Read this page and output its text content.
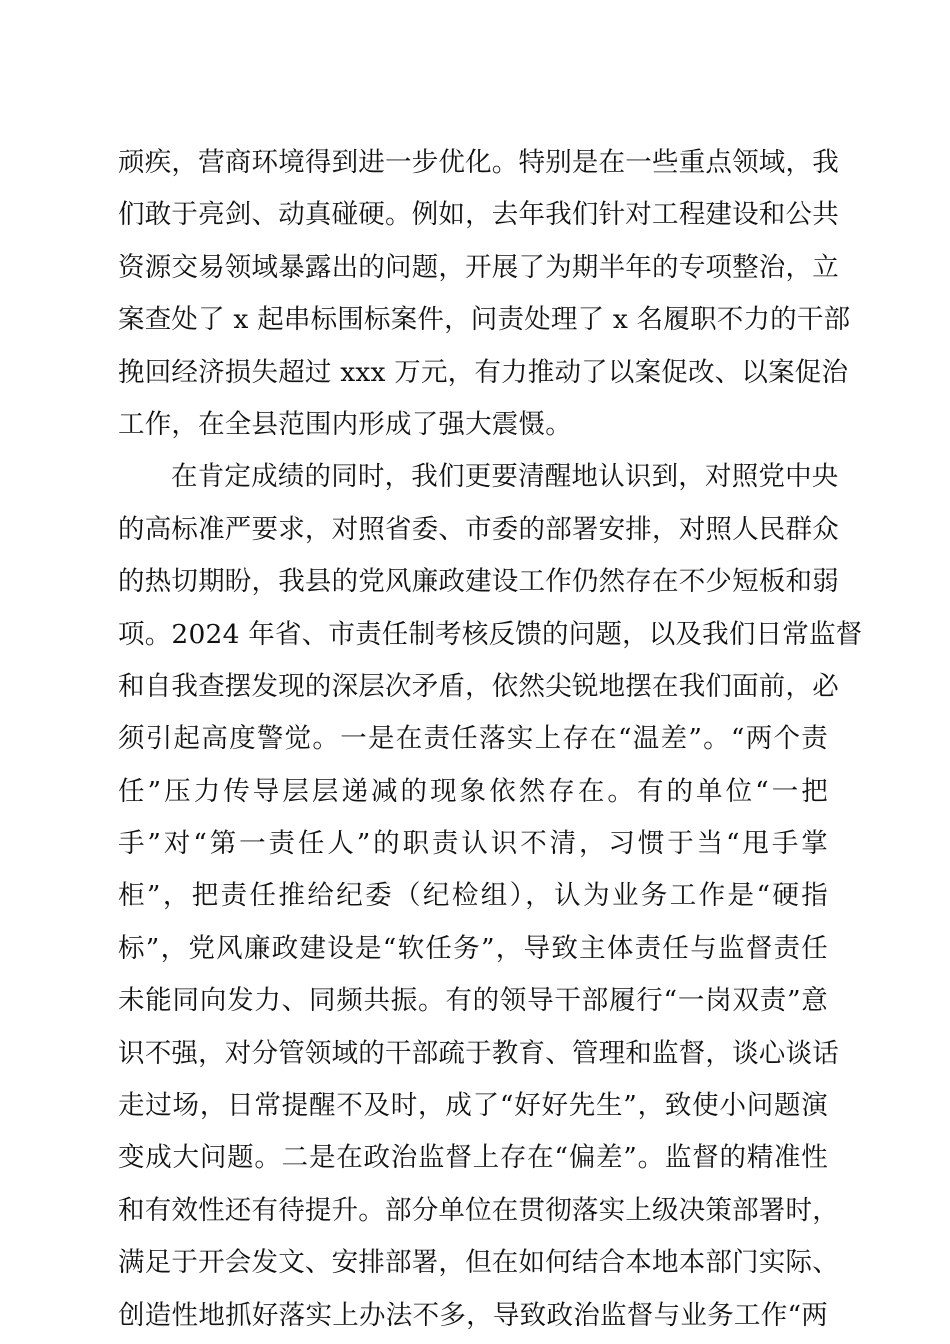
顽疾，营商环境得到进一步优化。特别是在一些重点领域，我
们敢于亮剑、动真碰硬。例如，去年我们针对工程建设和公共
资源交易领域暴露出的问题，开展了为期半年的专项整治，立
案查处了 x 起串标围标案件，问责处理了 x 名履职不力的干部
挽回经济损失超过 xxx 万元，有力推动了以案促改、以案促治
工作，在全县范围内形成了强大震慑。
在肯定成绩的同时，我们更要清醒地认识到，对照党中央
的高标准严要求，对照省委、市委的部署安排，对照人民群众
的热切期盼，我县的党风廉政建设工作仍然存在不少短板和弱
项。2024 年省、市责任制考核反馈的问题，以及我们日常监督
和自我查摆发现的深层次矛盾，依然尖锐地摆在我们面前，必
须引起高度警觉。一是在责任落实上存在“温差”。“两个责
任”压力传导层层递减的现象依然存在。有的单位“一把
手”对“第一责任人”的职责认识不清，习惯于当“甩手掌
柜”，把责任推给纪委（纪检组），认为业务工作是“硬指
标”，党风廉政建设是“软任务”，导致主体责任与监督责任
未能同向发力、同频共振。有的领导干部履行“一岗双责”意
识不强，对分管领域的干部疏于教育、管理和监督，谈心谈话
走过场，日常提醒不及时，成了“好好先生”，致使小问题演
变成大问题。二是在政治监督上存在“偏差”。监督的精准性
和有效性还有待提升。部分单位在贯彻落实上级决策部署时，
满足于开会发文、安排部署，但在如何结合本地本部门实际、
创造性地抓好落实上办法不多，导致政治监督与业务工作“两
